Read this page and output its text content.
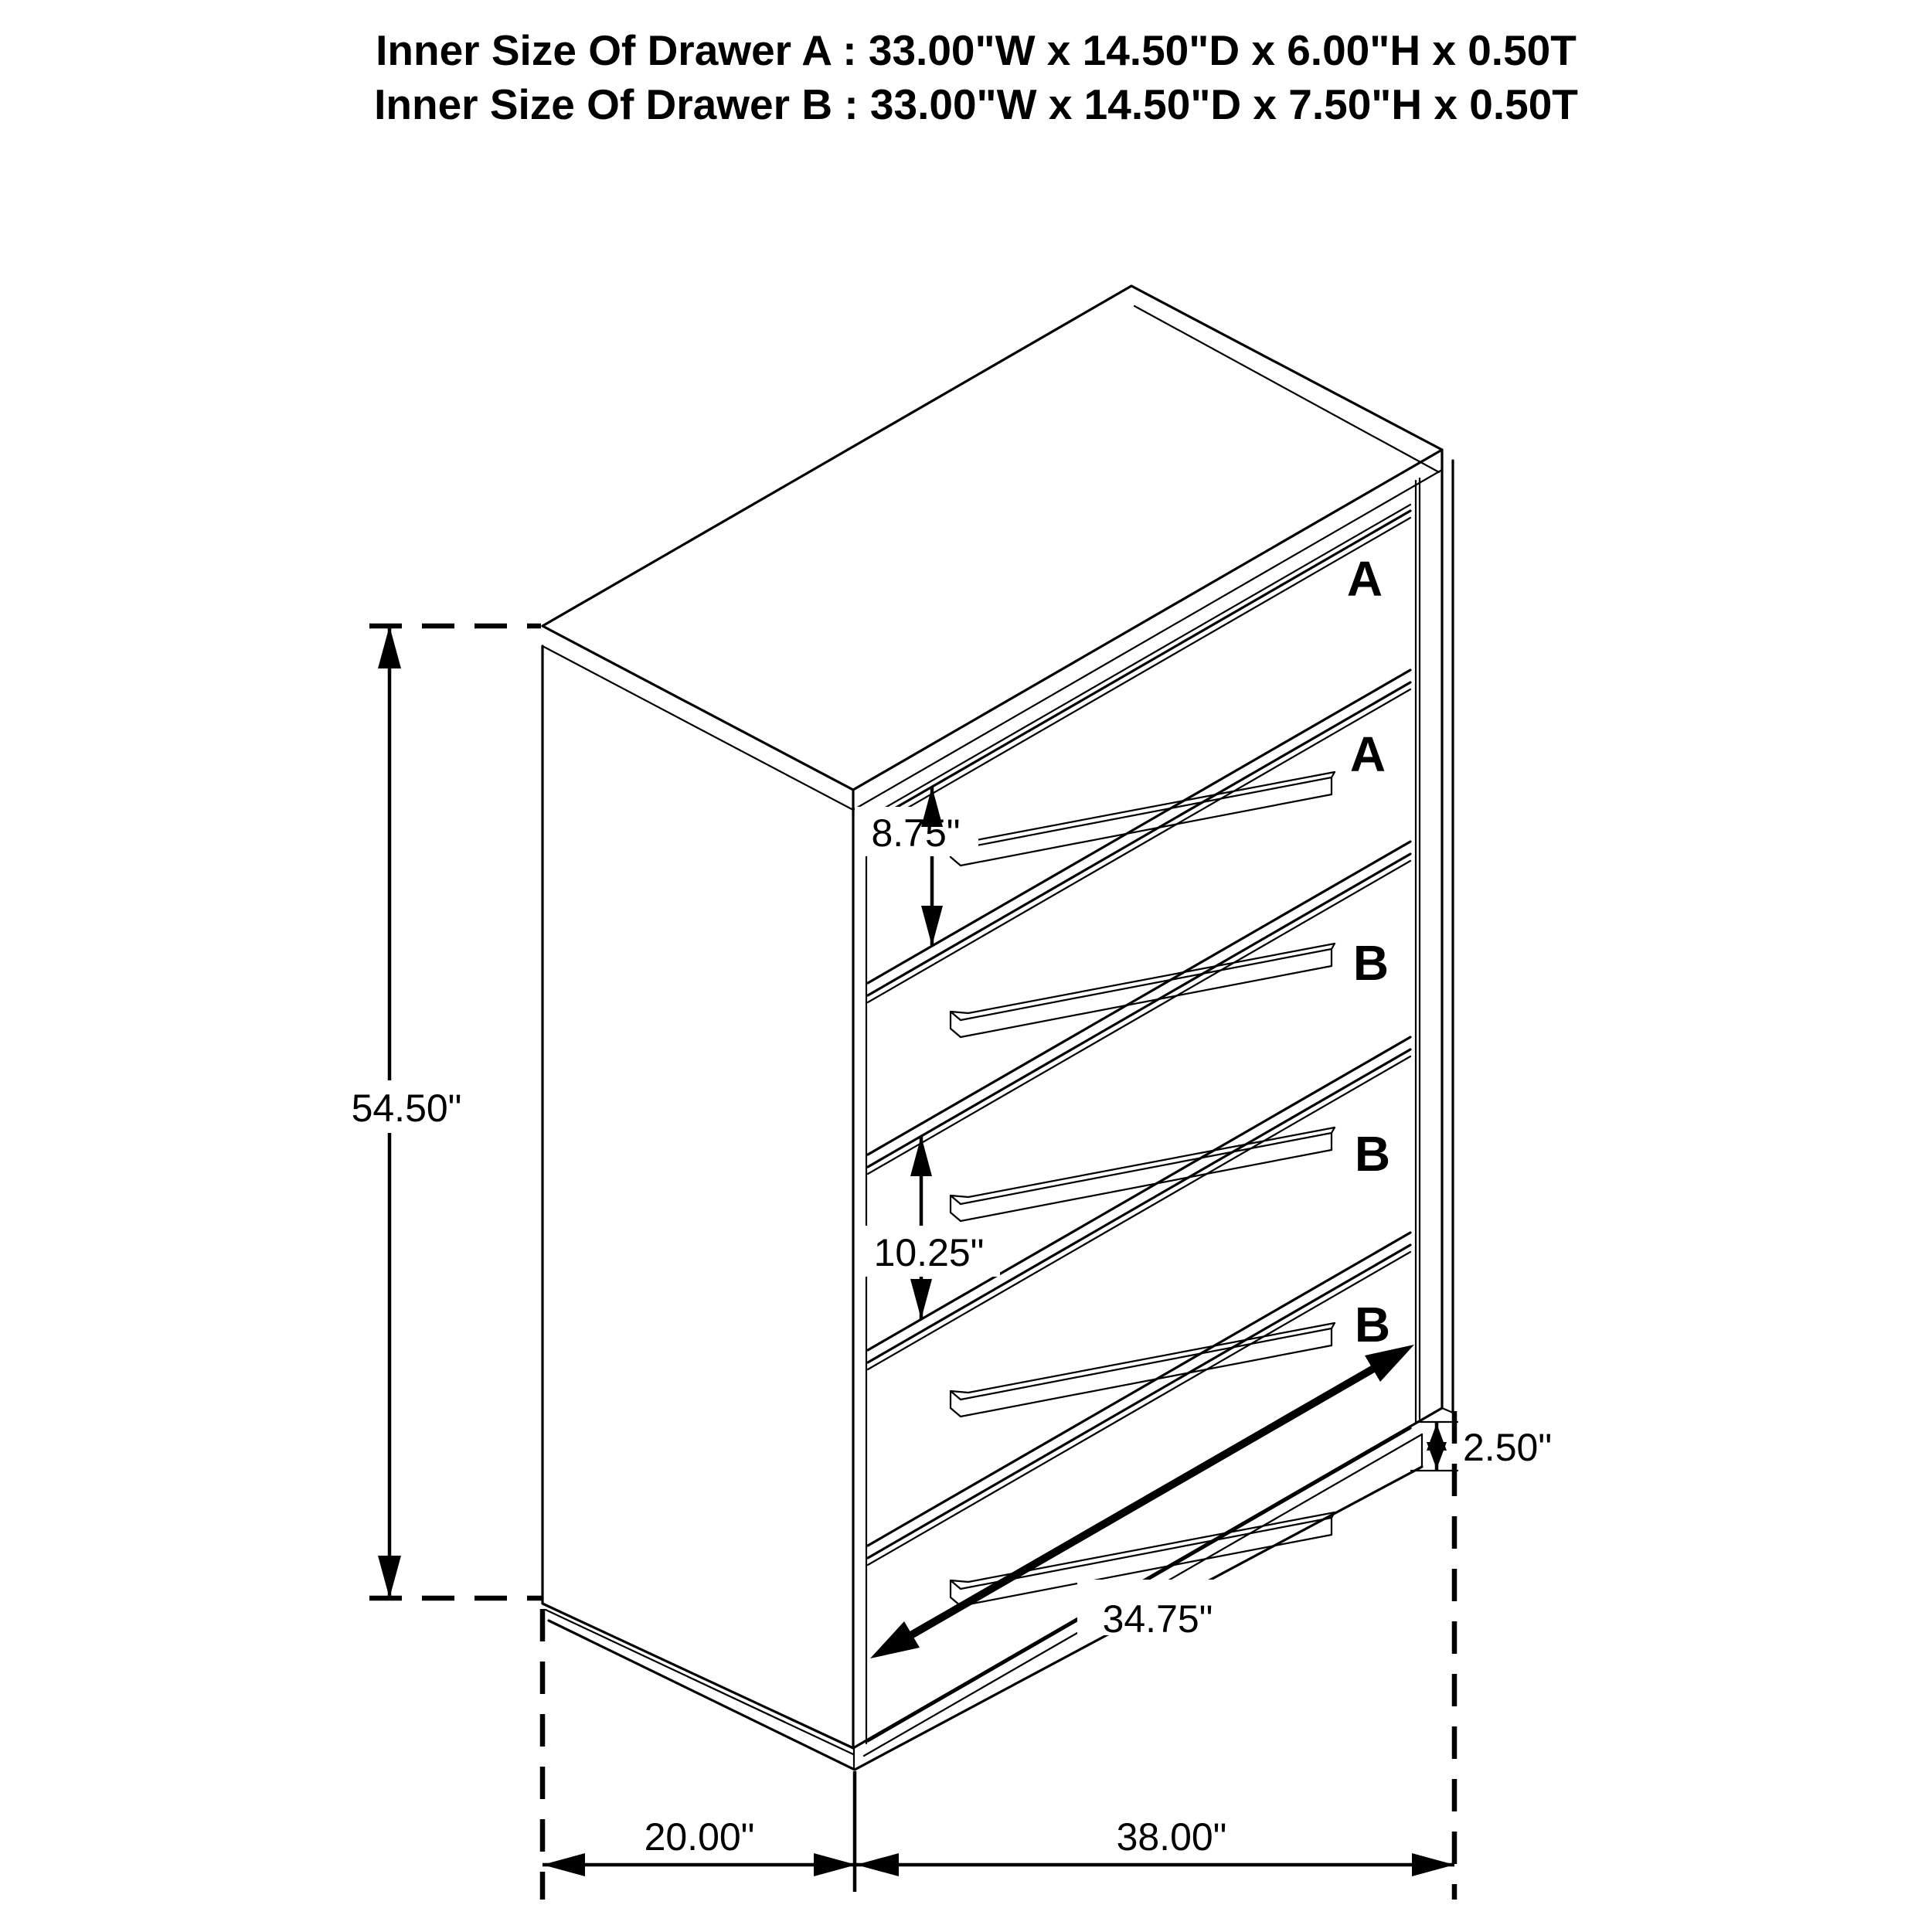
54.50"
8.75"
10.25"
2.50"
34.75"
20.00"	38.00"
A
A
B
B
B
Inner Size Of Drawer A : 33.00"W x 14.50"D x 6.00"H x 0.50T
Inner Size Of Drawer B : 33.00"W x 14.50"D x 7.50"H x 0.50T
